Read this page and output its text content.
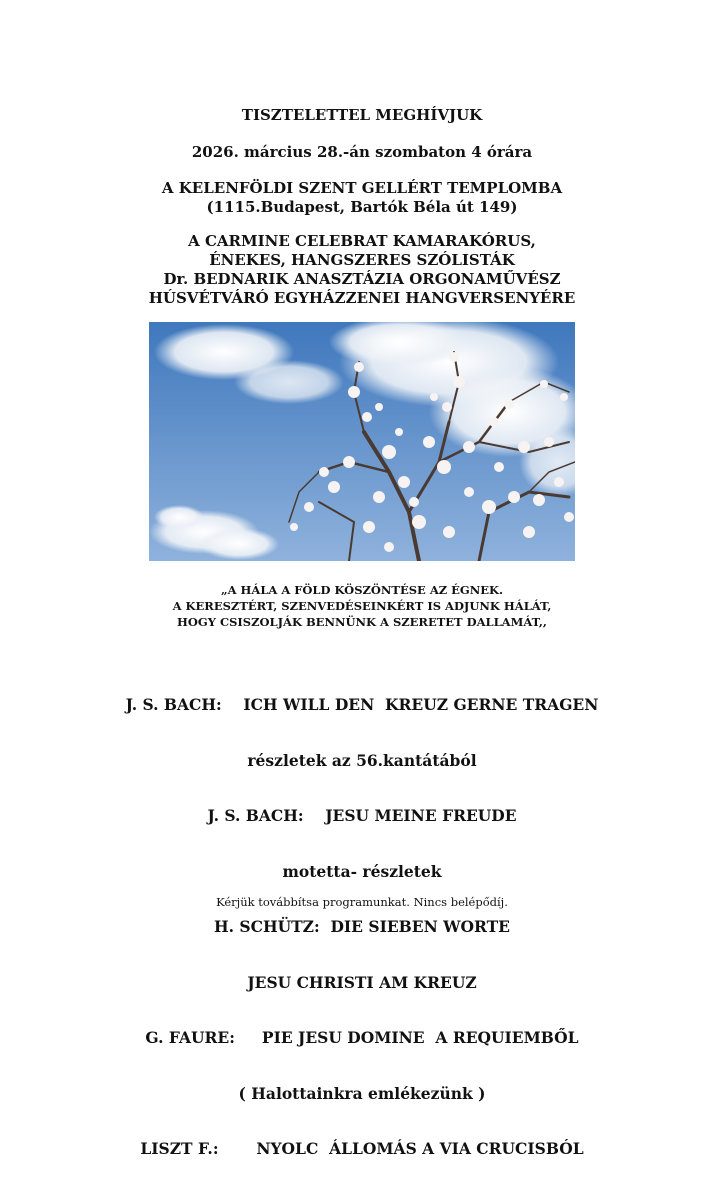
TISZTELETTEL MEGHÍVJUK
2026. március 28.-án szombaton 4 órára
A KELENFÖLDI SZENT GELLÉRT TEMPLOMBA
(1115.Budapest, Bartók Béla út 149)
A CARMINE CELEBRAT KAMARAKÓRUS,
ÉNEKES, HANGSZERES SZÓLISTÁK
Dr. BEDNARIK ANASZTÁZIA ORGONAMŰVÉSZ
HÚSVÉTVÁRÓ EGYHÁZZENEI HANGVERSENYÉRE
„A HÁLA A FÖLD KÖSZÖNTÉSE AZ ÉGNEK.
A KERESZTÉRT, SZENVEDÉSEINKÉRT IS ADJUNK HÁLÁT,
HOGY CSISZOLJÁK BENNÜNK A SZERETET DALLAMÁT,,

J. S. BACH:    ICH WILL DEN  KREUZ GERNE TRAGEN

részletek az 56.kantátából

J. S. BACH:    JESU MEINE FREUDE

motetta- részletek

H. SCHÜTZ:  DIE SIEBEN WORTE

JESU CHRISTI AM KREUZ

G. FAURE:     PIE JESU DOMINE  A REQUIEMBŐL

( Halottainkra emlékezünk )

LISZT F.:       NYOLC  ÁLLOMÁS A VIA CRUCISBÓL

Kérjük továbbítsa programunkat. Nincs belépődíj.
